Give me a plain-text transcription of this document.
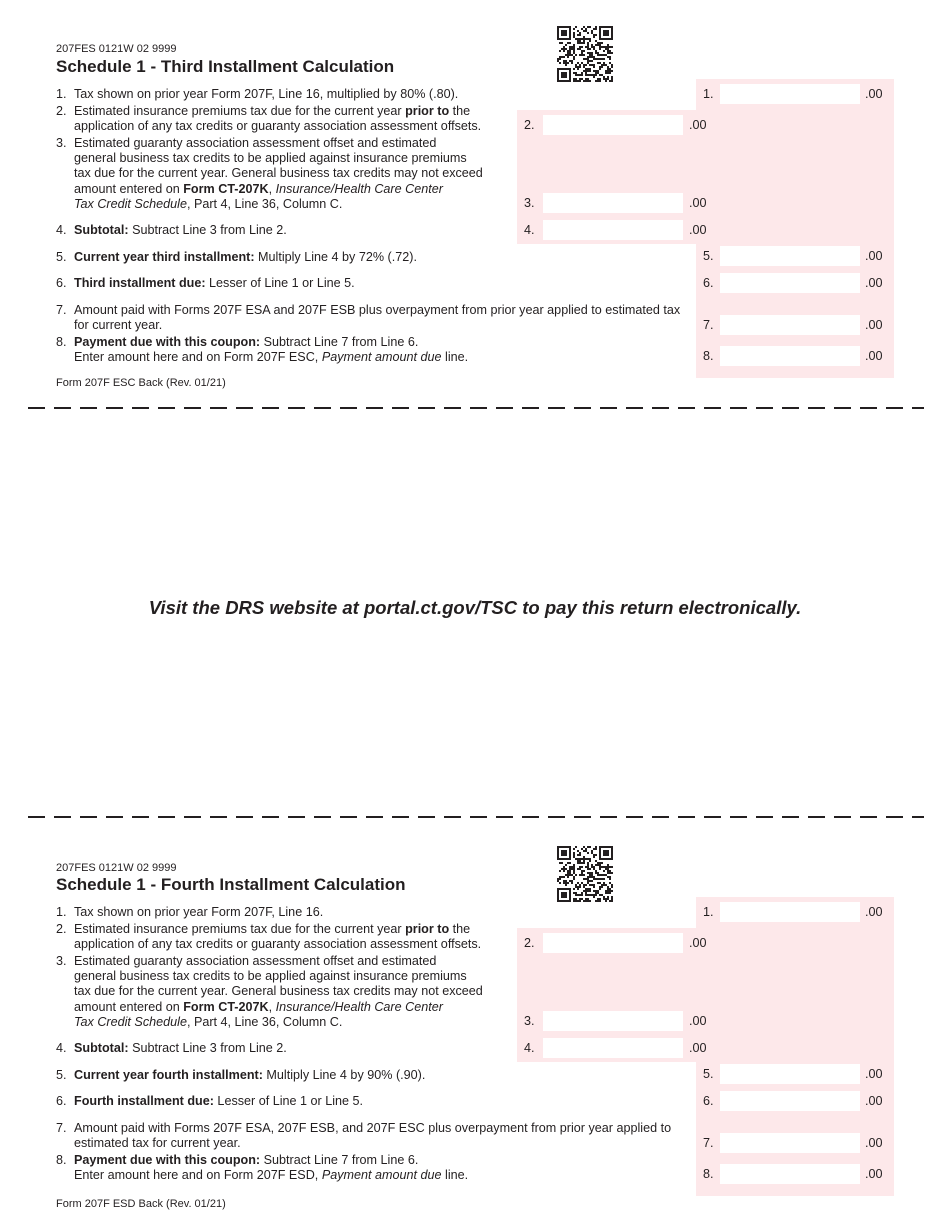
207FES 0121W 02 9999
Schedule 1 - Third Installment Calculation
1. Tax shown on prior year Form 207F, Line 16, multiplied by 80% (.80).
2. Estimated insurance premiums tax due for the current year prior to the
application of any tax credits or guaranty association assessment offsets.
3. Estimated guaranty association assessment offset and estimated
general business tax credits to be applied against insurance premiums
tax due for the current year. General business tax credits may not exceed
amount entered on Form CT-207K, Insurance/Health Care Center
Tax Credit Schedule, Part 4, Line 36, Column C.
4. Subtotal: Subtract Line 3 from Line 2.
5. Current year third installment: Multiply Line 4 by 72% (.72).
6. Third installment due: Lesser of Line 1 or Line 5.
7. Amount paid with Forms 207F ESA and 207F ESB plus overpayment from prior year applied to estimated tax
for current year.
8. Payment due with this coupon: Subtract Line 7 from Line 6.
Enter amount here and on Form 207F ESC, Payment amount due line.
1.	.00
5.	.00
6.	.00
7.	.00
8.	.00
2.	.00
3.	.00
4.	.00
Form 207F ESC Back (Rev. 01/21)
Visit the DRS website at portal.ct.gov/TSC to pay this return electronically.
207FES 0121W 02 9999
Schedule 1 - Fourth Installment Calculation
1. Tax shown on prior year Form 207F, Line 16.
2. Estimated insurance premiums tax due for the current year prior to the
application of any tax credits or guaranty association assessment offsets.
3. Estimated guaranty association assessment offset and estimated
general business tax credits to be applied against insurance premiums
tax due for the current year. General business tax credits may not exceed
amount entered on Form CT-207K, Insurance/Health Care Center
Tax Credit Schedule, Part 4, Line 36, Column C.
4. Subtotal: Subtract Line 3 from Line 2.
5. Current year fourth installment: Multiply Line 4 by 90% (.90).
6. Fourth installment due: Lesser of Line 1 or Line 5.
7. Amount paid with Forms 207F ESA, 207F ESB, and 207F ESC plus overpayment from prior year applied to
estimated tax for current year.
8. Payment due with this coupon: Subtract Line 7 from Line 6.
Enter amount here and on Form 207F ESD, Payment amount due line.
1.	.00
5.	.00
6.	.00
7.	.00
8.	.00
2.	.00
3.	.00
4.	.00
Form 207F ESD Back (Rev. 01/21)
